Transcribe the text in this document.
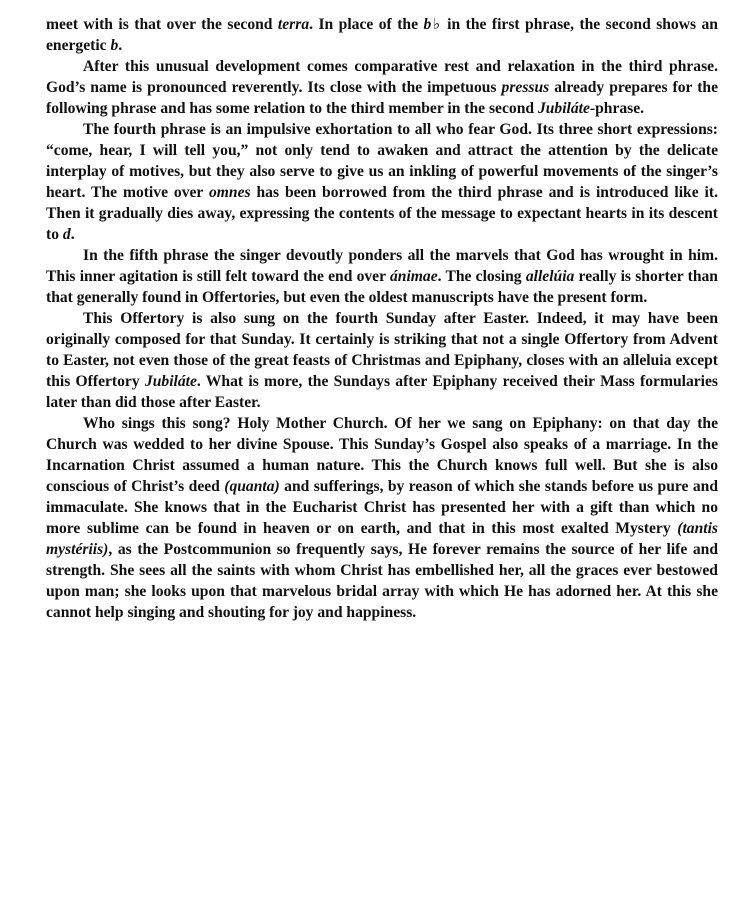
meet with is that over the second terra. In place of the b♭ in the first phrase, the second shows an energetic b.

After this unusual development comes comparative rest and relaxation in the third phrase. God’s name is pronounced reverently. Its close with the impetuous pressus already prepares for the following phrase and has some relation to the third member in the second Jubiláte-phrase.

The fourth phrase is an impulsive exhortation to all who fear God. Its three short expressions: “come, hear, I will tell you,” not only tend to awaken and attract the attention by the delicate interplay of motives, but they also serve to give us an inkling of powerful movements of the singer’s heart. The motive over omnes has been borrowed from the third phrase and is introduced like it. Then it gradually dies away, expressing the contents of the message to expectant hearts in its descent to d.

In the fifth phrase the singer devoutly ponders all the marvels that God has wrought in him. This inner agitation is still felt toward the end over ánimae. The closing allelúia really is shorter than that generally found in Offertories, but even the oldest manuscripts have the present form.

This Offertory is also sung on the fourth Sunday after Easter. Indeed, it may have been originally composed for that Sunday. It certainly is striking that not a single Offertory from Advent to Easter, not even those of the great feasts of Christmas and Epiphany, closes with an alleluia except this Offertory Jubiláte. What is more, the Sundays after Epiphany received their Mass formularies later than did those after Easter.

Who sings this song? Holy Mother Church. Of her we sang on Epiphany: on that day the Church was wedded to her divine Spouse. This Sunday’s Gospel also speaks of a marriage. In the Incarnation Christ assumed a human nature. This the Church knows full well. But she is also conscious of Christ’s deed (quanta) and sufferings, by reason of which she stands before us pure and immaculate. She knows that in the Eucharist Christ has presented her with a gift than which no more sublime can be found in heaven or on earth, and that in this most exalted Mystery (tantis mystériis), as the Postcommunion so frequently says, He forever remains the source of her life and strength. She sees all the saints with whom Christ has embellished her, all the graces ever bestowed upon man; she looks upon that marvelous bridal array with which He has adorned her. At this she cannot help singing and shouting for joy and happiness.
